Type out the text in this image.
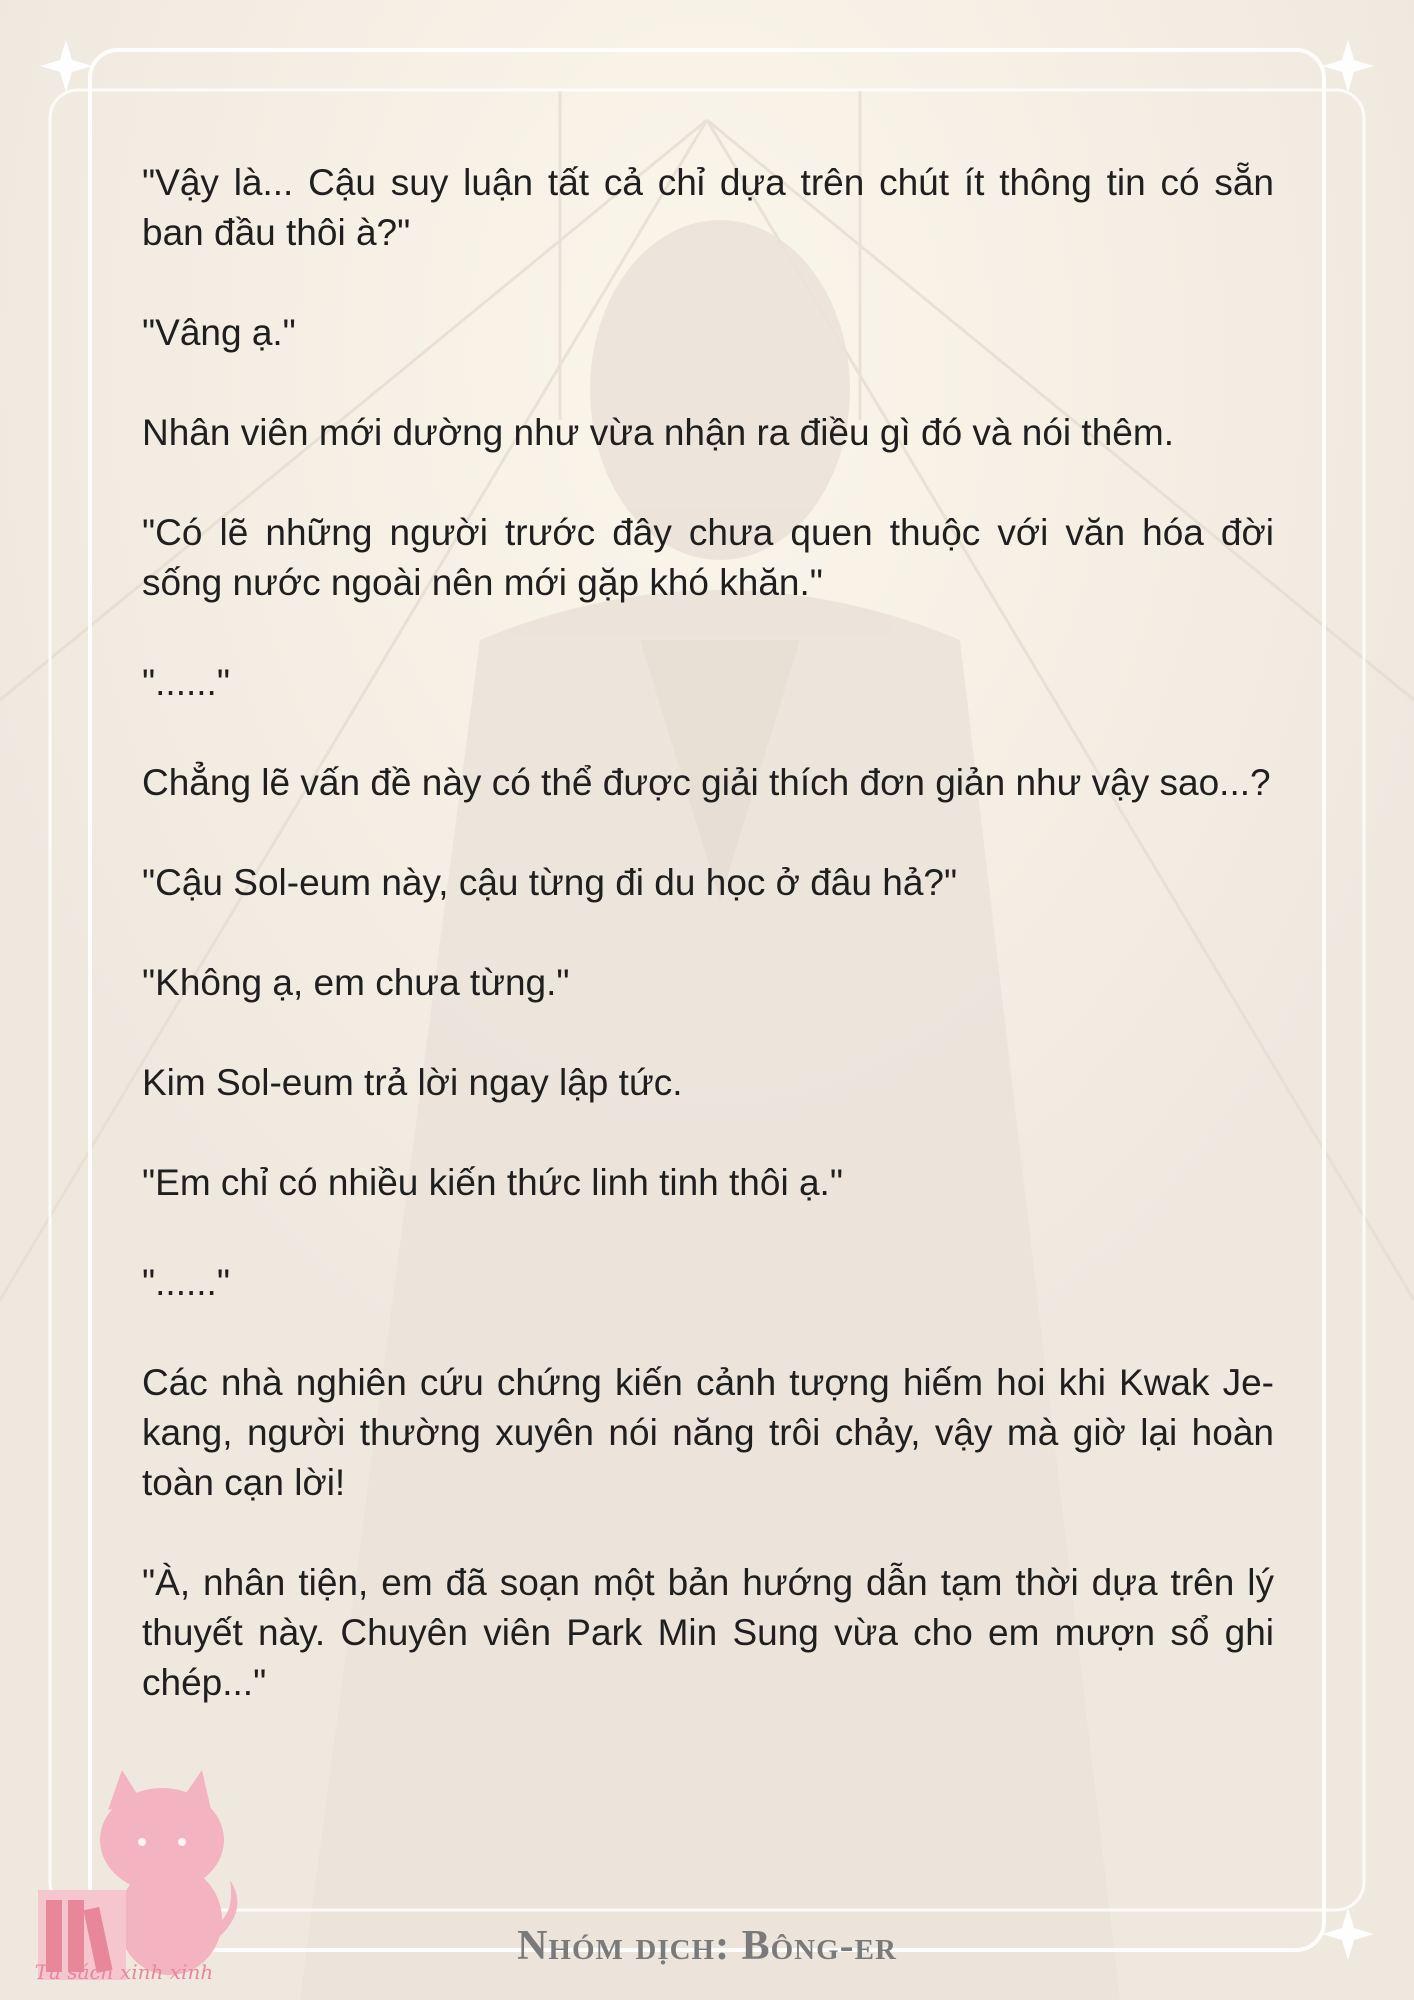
"Vậy là... Cậu suy luận tất cả chỉ dựa trên chút ít thông tin có sẵn ban đầu thôi à?"

"Vâng ạ."

Nhân viên mới dường như vừa nhận ra điều gì đó và nói thêm.

"Có lẽ những người trước đây chưa quen thuộc với văn hóa đời sống nước ngoài nên mới gặp khó khăn."

"......"

Chẳng lẽ vấn đề này có thể được giải thích đơn giản như vậy sao...?

"Cậu Sol-eum này, cậu từng đi du học ở đâu hả?"

"Không ạ, em chưa từng."

Kim Sol-eum trả lời ngay lập tức.

"Em chỉ có nhiều kiến thức linh tinh thôi ạ."

"......"

Các nhà nghiên cứu chứng kiến cảnh tượng hiếm hoi khi Kwak Je-kang, người thường xuyên nói năng trôi chảy, vậy mà giờ lại hoàn toàn cạn lời!

"À, nhân tiện, em đã soạn một bản hướng dẫn tạm thời dựa trên lý thuyết này. Chuyên viên Park Min Sung vừa cho em mượn sổ ghi chép..."

Tủ sách xinh xinh
Nhóm dịch: Bông-er
